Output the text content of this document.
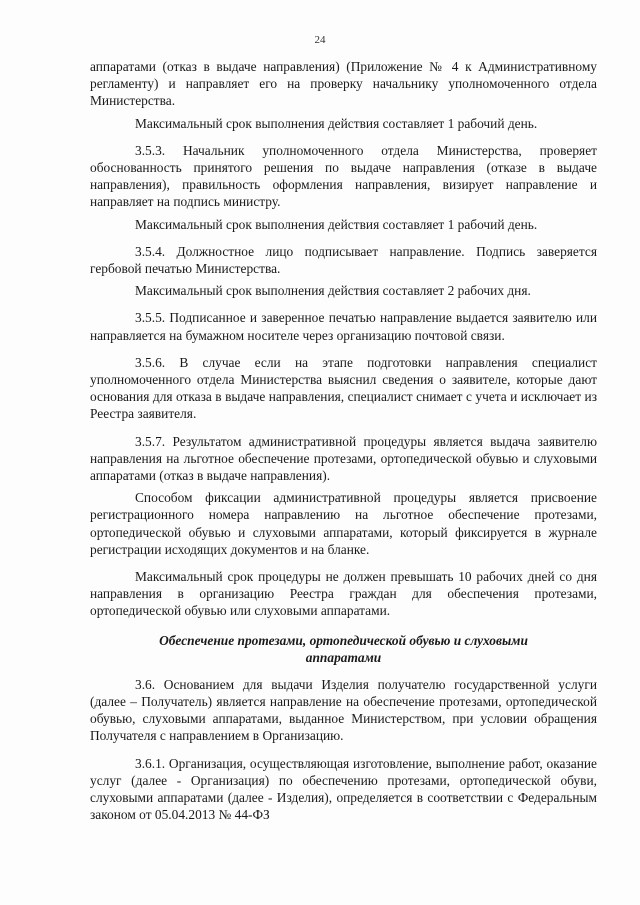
24

аппаратами (отказ в выдаче направления) (Приложение № 4 к Административному регламенту) и направляет его на проверку начальнику уполномоченного отдела Министерства.

Максимальный срок выполнения действия составляет 1 рабочий день.

3.5.3. Начальник уполномоченного отдела Министерства, проверяет обоснованность принятого решения по выдаче направления (отказе в выдаче направления), правильность оформления направления, визирует направление и направляет на подпись министру.

Максимальный срок выполнения действия составляет 1 рабочий день.

3.5.4. Должностное лицо подписывает направление. Подпись заверяется гербовой печатью Министерства.

Максимальный срок выполнения действия составляет 2 рабочих дня.

3.5.5. Подписанное и заверенное печатью направление выдается заявителю или направляется на бумажном носителе через организацию почтовой связи.

3.5.6. В случае если на этапе подготовки направления специалист уполномоченного отдела Министерства выяснил сведения о заявителе, которые дают основания для отказа в выдаче направления, специалист снимает с учета и исключает из Реестра заявителя.

3.5.7. Результатом административной процедуры является выдача заявителю направления на льготное обеспечение протезами, ортопедической обувью и слуховыми аппаратами (отказ в выдаче направления).

Способом фиксации административной процедуры является присвоение регистрационного номера направлению на льготное обеспечение протезами, ортопедической обувью и слуховыми аппаратами, который фиксируется в журнале регистрации исходящих документов и на бланке.

Максимальный срок процедуры не должен превышать 10 рабочих дней со дня направления в организацию Реестра граждан для обеспечения протезами, ортопедической обувью или слуховыми аппаратами.

Обеспечение протезами, ортопедической обувью и слуховыми
аппаратами

3.6. Основанием для выдачи Изделия получателю государственной услуги (далее – Получатель) является направление на обеспечение протезами, ортопедической обувью, слуховыми аппаратами, выданное Министерством, при условии обращения Получателя с направлением в Организацию.

3.6.1. Организация, осуществляющая изготовление, выполнение работ, оказание услуг (далее - Организация) по обеспечению протезами, ортопедической обуви, слуховыми аппаратами (далее - Изделия), определяется в соответствии с Федеральным законом от 05.04.2013 № 44-ФЗ
